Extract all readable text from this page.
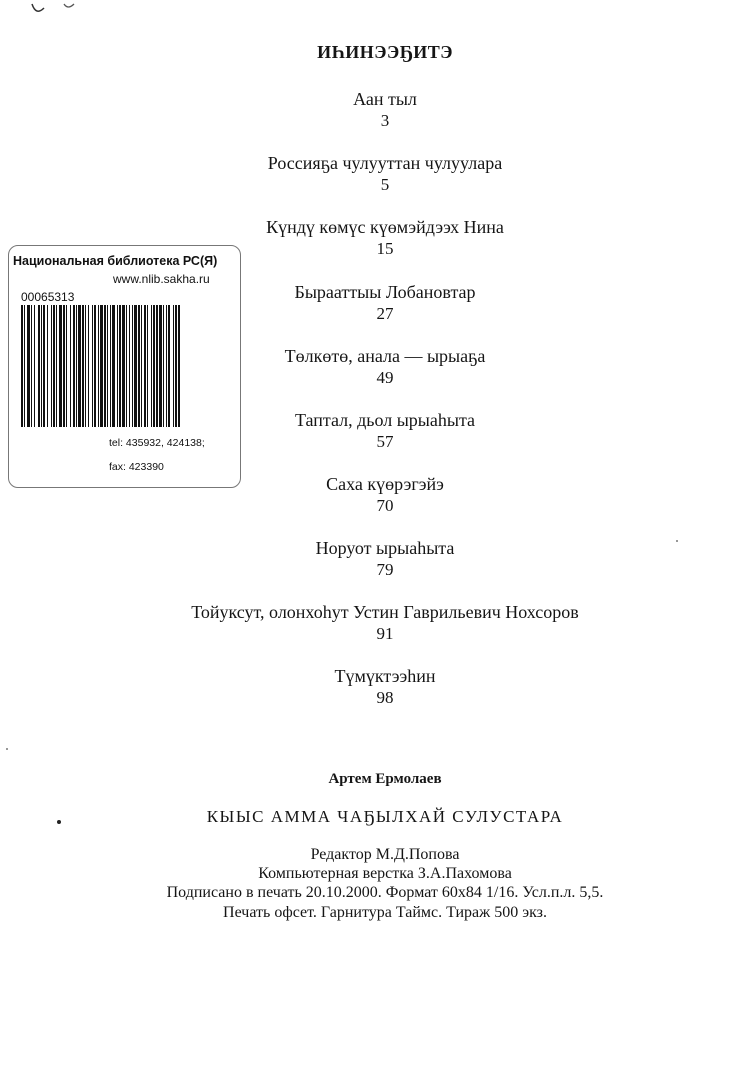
ИҺИНЭЭҔИТЭ
Аан тыл
3
Россияҕа чулууттан чулуулара
5
Күндү көмүс күөмэйдээх Нина
15
Бырааттыы Лобановтар
27
Төлкөтө, анала — ырыаҕа
49
Таптал, дьол ырыаһыта
57
Саха күөрэгэйэ
70
Норуот ырыаһыта
79
Тойуксут, олонхоһут Устин Гаврильевич Нохсоров
91
Түмүктээһин
98
Артем Ермолаев
КЫЫС АММА ЧАҔЫЛХАЙ СУЛУСТАРА
Редактор М.Д.Попова
Компьютерная верстка З.А.Пахомова
Подписано в печать 20.10.2000. Формат 60х84 1/16. Усл.п.л. 5,5.
Печать офсет. Гарнитура Таймс. Тираж 500 экз.
Национальная библиотека РС(Я)
www.nlib.sakha.ru
00065313
tel: 435932, 424138;
fax: 423390
